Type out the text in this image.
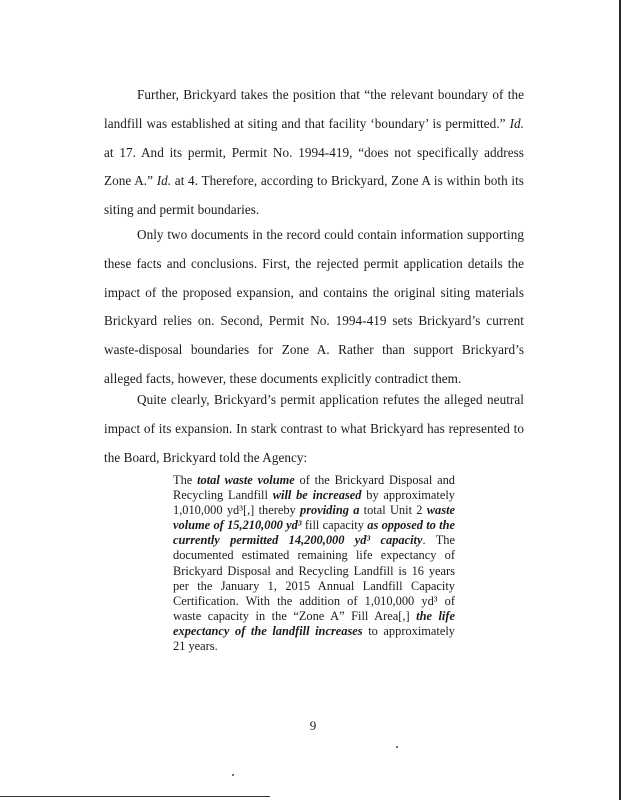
Further, Brickyard takes the position that “the relevant boundary of the landfill was established at siting and that facility ‘boundary’ is permitted.” Id. at 17. And its permit, Permit No. 1994-419, “does not specifically address Zone A.” Id. at 4. Therefore, according to Brickyard, Zone A is within both its siting and permit boundaries.

Only two documents in the record could contain information supporting these facts and conclusions. First, the rejected permit application details the impact of the proposed expansion, and contains the original siting materials Brickyard relies on. Second, Permit No. 1994-419 sets Brickyard’s current waste-disposal boundaries for Zone A. Rather than support Brickyard’s alleged facts, however, these documents explicitly contradict them.

Quite clearly, Brickyard’s permit application refutes the alleged neutral impact of its expansion. In stark contrast to what Brickyard has represented to the Board, Brickyard told the Agency:

The total waste volume of the Brickyard Disposal and Recycling Landfill will be increased by approximately 1,010,000 yd³[,] thereby providing a total Unit 2 waste volume of 15,210,000 yd³ fill capacity as opposed to the currently permitted 14,200,000 yd³ capacity. The documented estimated remaining life expectancy of Brickyard Disposal and Recycling Landfill is 16 years per the January 1, 2015 Annual Landfill Capacity Certification. With the addition of 1,010,000 yd³ of waste capacity in the “Zone A” Fill Area[,] the life expectancy of the landfill increases to approximately 21 years.

9
